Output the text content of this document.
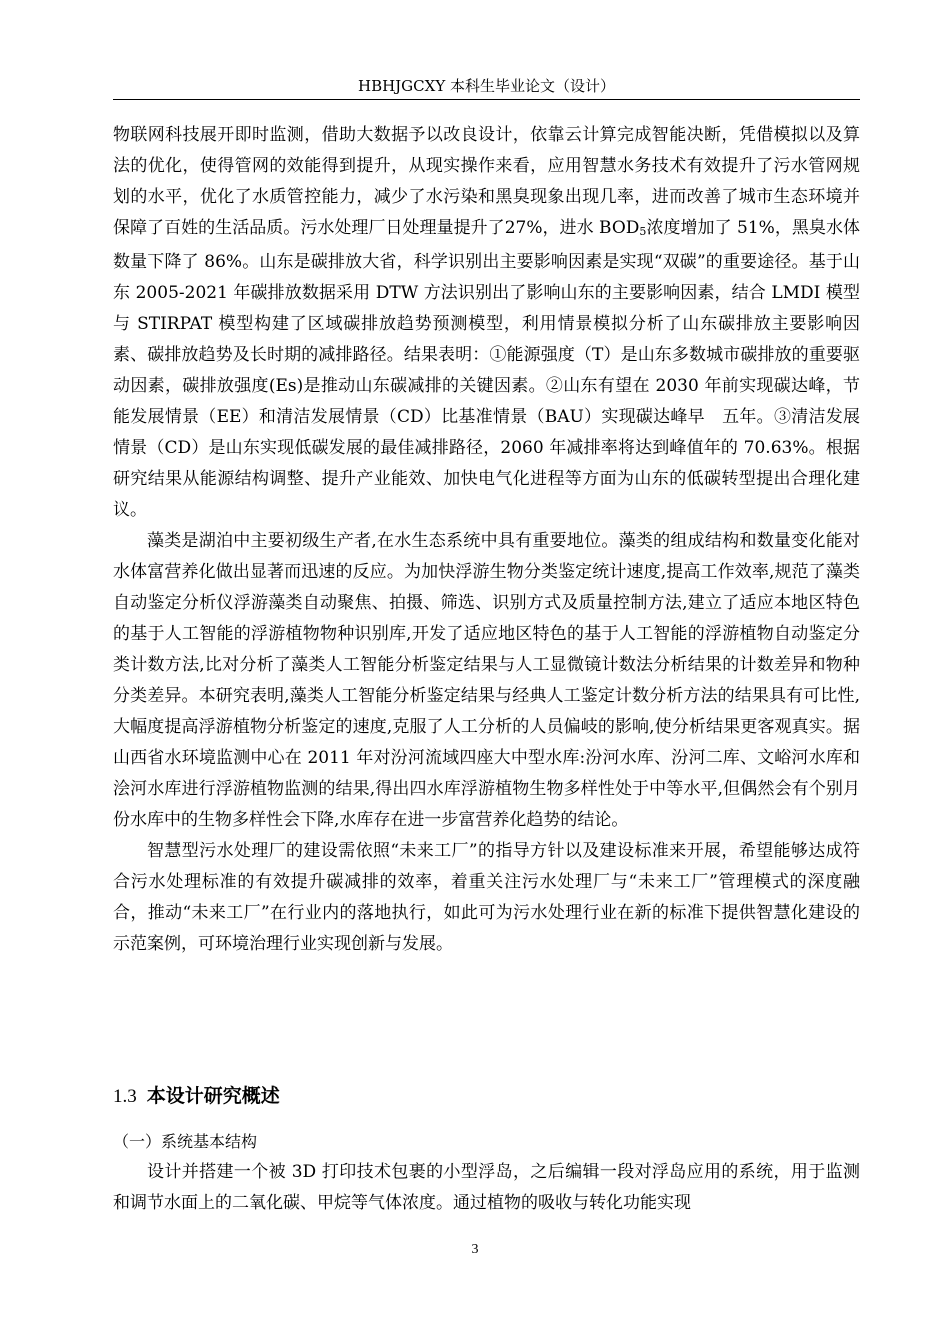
HBHJGCXY 本科生毕业论文（设计）

物联网科技展开即时监测，借助大数据予以改良设计，依靠云计算完成智能决断，凭借模拟以及算法的优化，使得管网的效能得到提升，从现实操作来看，应用智慧水务技术有效提升了污水管网规划的水平，优化了水质管控能力，减少了水污染和黑臭现象出现几率，进而改善了城市生态环境并保障了百姓的生活品质。污水处理厂日处理量提升了27%，进水 BOD5浓度增加了 51%，黑臭水体数量下降了 86%。山东是碳排放大省，科学识别出主要影响因素是实现“双碳”的重要途径。基于山东 2005-2021 年碳排放数据采用 DTW 方法识别出了影响山东的主要影响因素，结合 LMDI 模型与 STIRPAT 模型构建了区域碳排放趋势预测模型，利用情景模拟分析了山东碳排放主要影响因素、碳排放趋势及长时期的减排路径。结果表明：①能源强度（T）是山东多数城市碳排放的重要驱动因素，碳排放强度(Es)是推动山东碳减排的关键因素。②山东有望在 2030 年前实现碳达峰，节能发展情景（EE）和清洁发展情景（CD）比基准情景（BAU）实现碳达峰早　五年。③清洁发展情景（CD）是山东实现低碳发展的最佳减排路径，2060 年减排率将达到峰值年的 70.63%。根据研究结果从能源结构调整、提升产业能效、加快电气化进程等方面为山东的低碳转型提出合理化建议。

藻类是湖泊中主要初级生产者,在水生态系统中具有重要地位。藻类的组成结构和数量变化能对水体富营养化做出显著而迅速的反应。为加快浮游生物分类鉴定统计速度,提高工作效率,规范了藻类自动鉴定分析仪浮游藻类自动聚焦、拍摄、筛选、识别方式及质量控制方法,建立了适应本地区特色的基于人工智能的浮游植物物种识别库,开发了适应地区特色的基于人工智能的浮游植物自动鉴定分类计数方法,比对分析了藻类人工智能分析鉴定结果与人工显微镜计数法分析结果的计数差异和物种分类差异。本研究表明,藻类人工智能分析鉴定结果与经典人工鉴定计数分析方法的结果具有可比性,大幅度提高浮游植物分析鉴定的速度,克服了人工分析的人员偏岐的影响,使分析结果更客观真实。据山西省水环境监测中心在 2011 年对汾河流域四座大中型水库:汾河水库、汾河二库、文峪河水库和浍河水库进行浮游植物监测的结果,得出四水库浮游植物生物多样性处于中等水平,但偶然会有个别月份水库中的生物多样性会下降,水库存在进一步富营养化趋势的结论。

智慧型污水处理厂的建设需依照“未来工厂”的指导方针以及建设标准来开展，希望能够达成符合污水处理标准的有效提升碳减排的效率，着重关注污水处理厂与“未来工厂”管理模式的深度融合，推动“未来工厂”在行业内的落地执行，如此可为污水处理行业在新的标准下提供智慧化建设的示范案例，可环境治理行业实现创新与发展。

1.3 本设计研究概述

（一）系统基本结构

设计并搭建一个被 3D 打印技术包裹的小型浮岛，之后编辑一段对浮岛应用的系统，用于监测和调节水面上的二氧化碳、甲烷等气体浓度。通过植物的吸收与转化功能实现

3
